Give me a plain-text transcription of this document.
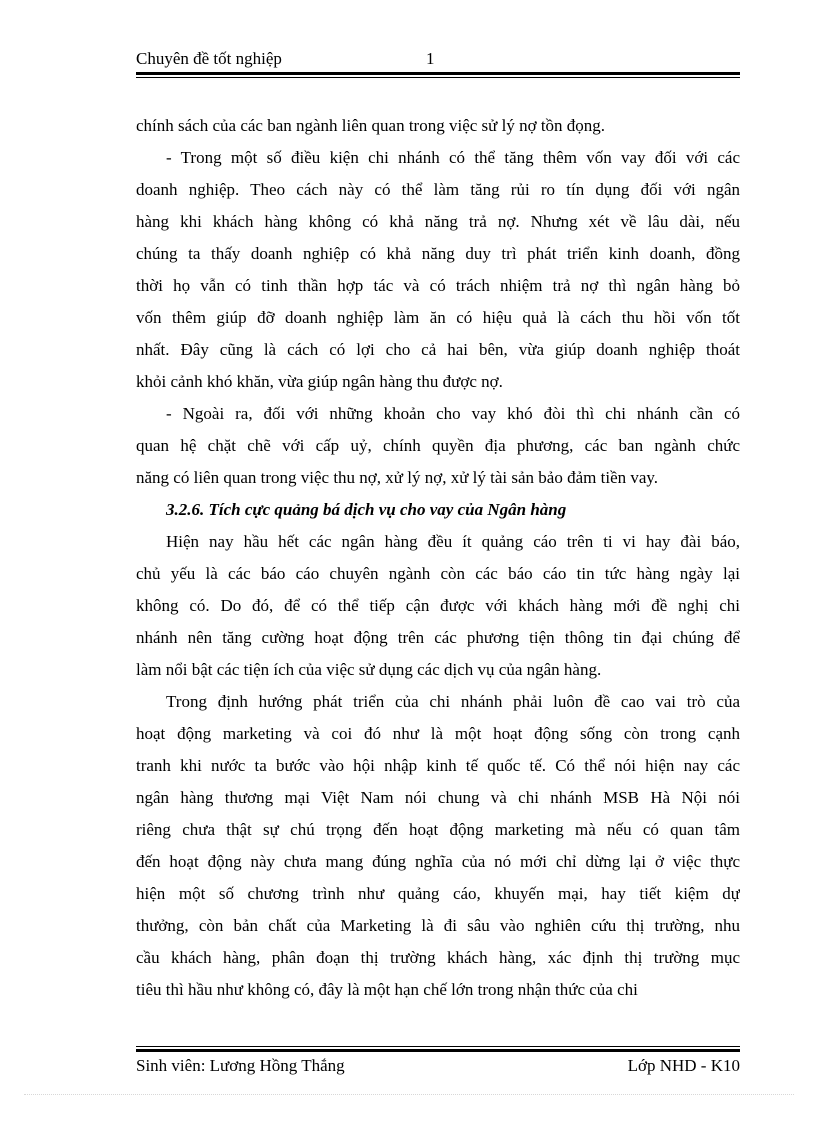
Chuyên đề tốt nghiệp	1
chính sách của các ban ngành liên quan trong việc sử lý nợ tồn đọng.
- Trong một số điều kiện chi nhánh có thể tăng thêm vốn vay đối với các
doanh nghiệp. Theo cách này có thể làm tăng rủi ro tín dụng đối với ngân
hàng khi khách hàng không có khả năng trả nợ. Nhưng xét về lâu dài, nếu
chúng ta thấy doanh nghiệp có khả năng duy trì phát triển kinh doanh, đồng
thời họ vẫn có tinh thần hợp tác và có trách nhiệm trả nợ thì ngân hàng bỏ
vốn thêm giúp đỡ doanh nghiệp làm ăn có hiệu quả là cách thu hồi vốn tốt
nhất. Đây cũng là cách có lợi cho cả hai bên, vừa giúp doanh nghiệp thoát
khỏi cảnh khó khăn, vừa giúp ngân hàng thu được nợ.
- Ngoài ra, đối với những khoản cho vay khó đòi thì chi nhánh cần có
quan hệ chặt chẽ với cấp uỷ, chính quyền địa phương, các ban ngành chức
năng có liên quan trong việc thu nợ, xử lý nợ, xử lý tài sản bảo đảm tiền vay.
3.2.6. Tích cực quảng bá dịch vụ cho vay của Ngân hàng
Hiện nay hầu hết các ngân hàng đều ít quảng cáo trên ti vi hay đài báo,
chủ yếu là các báo cáo chuyên ngành còn các báo cáo tin tức hàng ngày lại
không có. Do đó, để có thể tiếp cận được với khách hàng mới đề nghị chi
nhánh nên tăng cường hoạt động trên các phương tiện thông tin đại chúng để
làm nổi bật các tiện ích của việc sử dụng các dịch vụ của ngân hàng.
Trong định hướng phát triển của chi nhánh phải luôn đề cao vai trò của
hoạt động marketing và coi đó như là một hoạt động sống còn trong cạnh
tranh khi nước ta bước vào hội nhập kinh tế quốc tế. Có thể nói hiện nay các
ngân hàng thương mại Việt Nam nói chung và chi nhánh MSB Hà Nội nói
riêng chưa thật sự chú trọng đến hoạt động marketing mà nếu có quan tâm
đến hoạt động này chưa mang đúng nghĩa của nó mới chỉ dừng lại ở việc thực
hiện một số chương trình như quảng cáo, khuyến mại, hay tiết kiệm dự
thưởng, còn bản chất của Marketing là đi sâu vào nghiên cứu thị trường, nhu
cầu khách hàng, phân đoạn thị trường khách hàng, xác định thị trường mục
tiêu thì hầu như không có, đây là một hạn chế lớn trong nhận thức của chi
Sinh viên: Lương Hồng Thắng	Lớp NHD - K10
